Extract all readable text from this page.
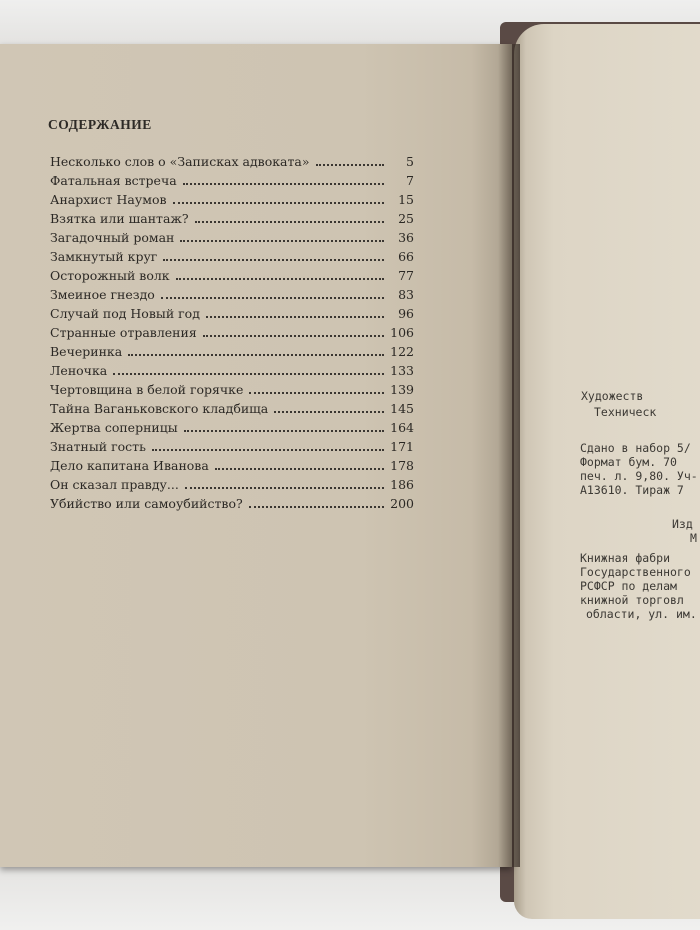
СОДЕРЖАНИЕ
Несколько слов о «Записках адвоката»	5
Фатальная встреча	7
Анархист Наумов	15
Взятка или шантаж?	25
Загадочный роман	36
Замкнутый круг	66
Осторожный волк	77
Змеиное гнездо	83
Случай под Новый год	96
Странные отравления	106
Вечеринка	122
Леночка	133
Чертовщина в белой горячке	139
Тайна Ваганьковского кладбища	145
Жертва соперницы	164
Знатный гость	171
Дело капитана Иванова	178
Он сказал правду...	186
Убийство или самоубийство?	200
Художеств
Техническ
Сдано в набор 5/
Формат бум. 70
печ. л. 9,80. Уч-
А13610. Тираж 7
Изд
М
Книжная фабри
Государственного
РСФСР по делам
книжной торговл
области, ул. им.
